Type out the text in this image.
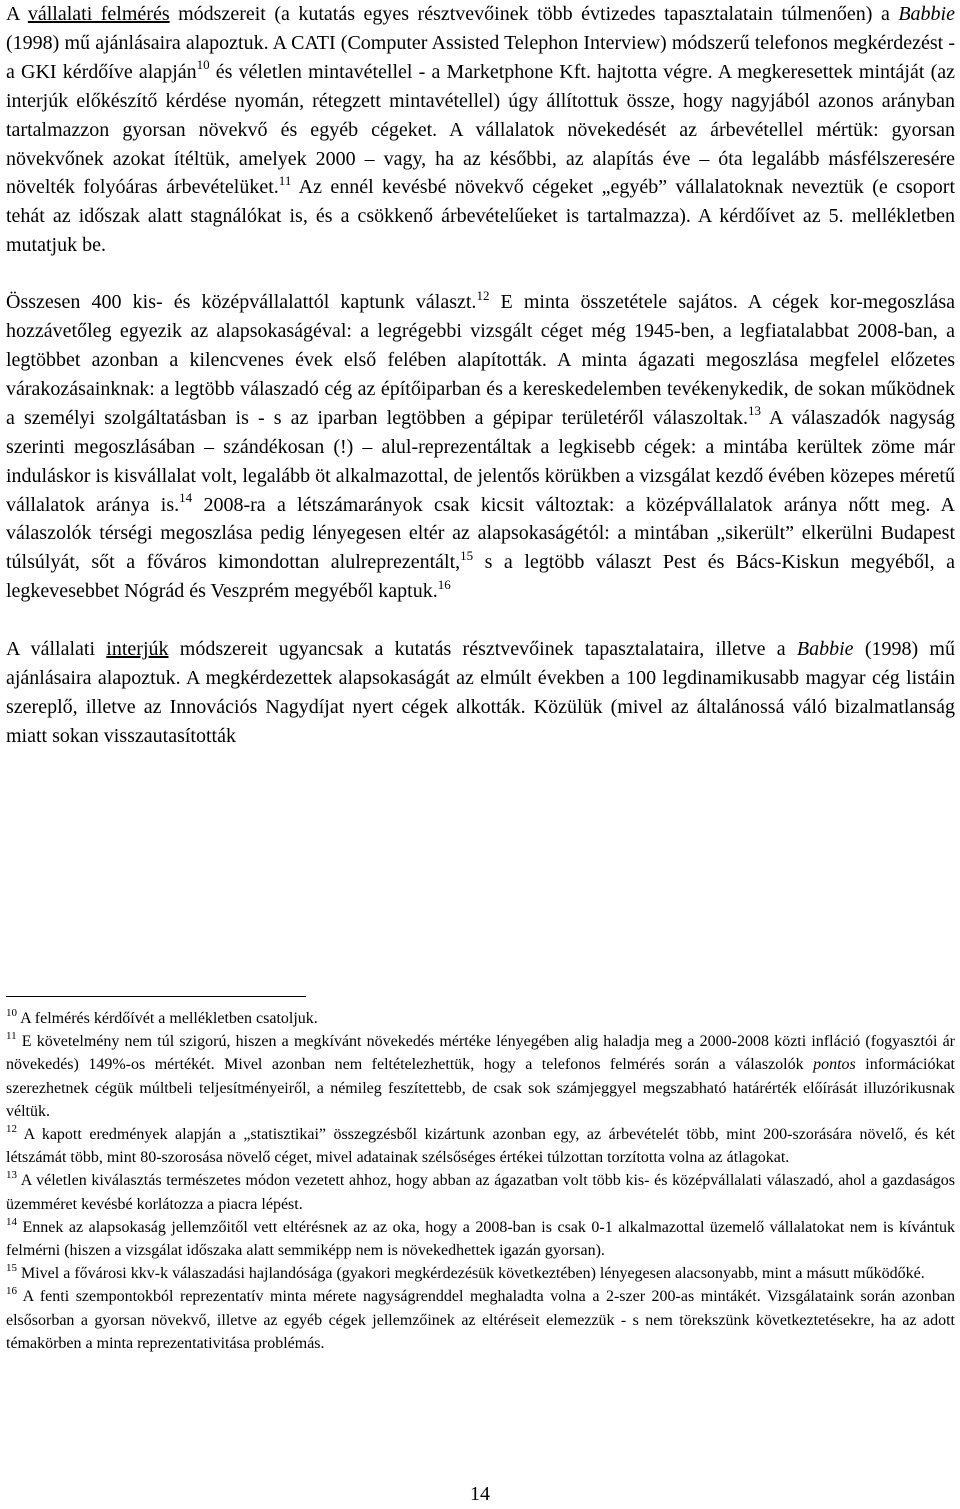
A vállalati felmérés módszereit (a kutatás egyes résztvevőinek több évtizedes tapasztalatain túlmenően) a Babbie (1998) mű ajánlásaira alapoztuk. A CATI (Computer Assisted Telephon Interview) módszerű telefonos megkérdezést - a GKI kérdőíve alapján$^{10}$ és véletlen mintavétellel - a Marketphone Kft. hajtotta végre. A megkeresettek mintáját (az interjúk előkészítő kérdése nyomán, rétegzett mintavétellel) úgy állítottuk össze, hogy nagyjából azonos arányban tartalmazzon gyorsan növekvő és egyéb cégeket. A vállalatok növekedését az árbevétellel mértük: gyorsan növekvőnek azokat ítéltük, amelyek 2000 – vagy, ha az későbbi, az alapítás éve – óta legalább másfélszeresére növelték folyóáras árbevételüket.$^{11}$ Az ennél kevésbé növekvő cégeket „egyéb” vállalatoknak neveztük (e csoport tehát az időszak alatt stagnálókat is, és a csökkenő árbevételűeket is tartalmazza). A kérdőívet az 5. mellékletben mutatjuk be.

Összesen 400 kis- és középvállalattól kaptunk választ.$^{12}$ E minta összetétele sajátos. A cégek kor-megoszlása hozzávetőleg egyezik az alapsokaságéval: a legrégebbi vizsgált céget még 1945-ben, a legfiatalabbat 2008-ban, a legtöbbet azonban a kilencvenes évek első felében alapították. A minta ágazati megoszlása megfelel előzetes várakozásainknak: a legtöbb válaszadó cég az építőiparban és a kereskedelemben tevékenykedik, de sokan működnek a személyi szolgáltatásban is - s az iparban legtöbben a gépipar területéről válaszoltak.$^{13}$ A válaszadók nagyság szerinti megoszlásában – szándékosan (!) – alul-reprezentáltak a legkisebb cégek: a mintába kerültek zöme már induláskor is kisvállalat volt, legalább öt alkalmazottal, de jelentős körükben a vizsgálat kezdő évében közepes méretű vállalatok aránya is.$^{14}$ 2008-ra a létszámarányok csak kicsit változtak: a középvállalatok aránya nőtt meg. A válaszolók térségi megoszlása pedig lényegesen eltér az alapsokaságétól: a mintában „sikerült” elkerülni Budapest túlsúlyát, sőt a főváros kimondottan alulreprezentált,$^{15}$ s a legtöbb választ Pest és Bács-Kiskun megyéből, a legkevesebbet Nógrád és Veszprém megyéből kaptuk.$^{16}$

A vállalati interjúk módszereit ugyancsak a kutatás résztvevőinek tapasztalataira, illetve a Babbie (1998) mű ajánlásaira alapoztuk. A megkérdezettek alapsokaságát az elmúlt években a 100 legdinamikusabb magyar cég listáin szereplő, illetve az Innovációs Nagydíjat nyert cégek alkották. Közülük (mivel az általánossá váló bizalmatlanság miatt sokan visszautasították

$^{10}$ A felmérés kérdőívét a mellékletben csatoljuk.

$^{11}$ E követelmény nem túl szigorú, hiszen a megkívánt növekedés mértéke lényegében alig haladja meg a 2000-2008 közti infláció (fogyasztói ár növekedés) 149%-os mértékét. Mivel azonban nem feltételezhettük, hogy a telefonos felmérés során a válaszolók pontos információkat szerezhetnek cégük múltbeli teljesítményeiről, a némileg feszítettebb, de csak sok számjeggyel megszabható határérték előírását illuzórikusnak véltük.

$^{12}$ A kapott eredmények alapján a „statisztikai” összegzésből kizártunk azonban egy, az árbevételét több, mint 200-szorására növelő, és két létszámát több, mint 80-szorosása növelő céget, mivel adatainak szélsőséges értékei túlzottan torzította volna az átlagokat.

$^{13}$ A véletlen kiválasztás természetes módon vezetett ahhoz, hogy abban az ágazatban volt több kis- és középvállalati válaszadó, ahol a gazdaságos üzemméret kevésbé korlátozza a piacra lépést.

$^{14}$ Ennek az alapsokaság jellemzőitől vett eltérésnek az az oka, hogy a 2008-ban is csak 0-1 alkalmazottal üzemelő vállalatokat nem is kívántuk felmérni (hiszen a vizsgálat időszaka alatt semmiképp nem is növekedhettek igazán gyorsan).

$^{15}$ Mivel a fővárosi kkv-k válaszadási hajlandósága (gyakori megkérdezésük következtében) lényegesen alacsonyabb, mint a másutt működőké.

$^{16}$ A fenti szempontokból reprezentatív minta mérete nagyságrenddel meghaladta volna a 2-szer 200-as mintákét. Vizsgálataink során azonban elsősorban a gyorsan növekvő, illetve az egyéb cégek jellemzőinek az eltéréseit elemezzük - s nem törekszünk következtetésekre, ha az adott témakörben a minta reprezentativitása problémás.

14
